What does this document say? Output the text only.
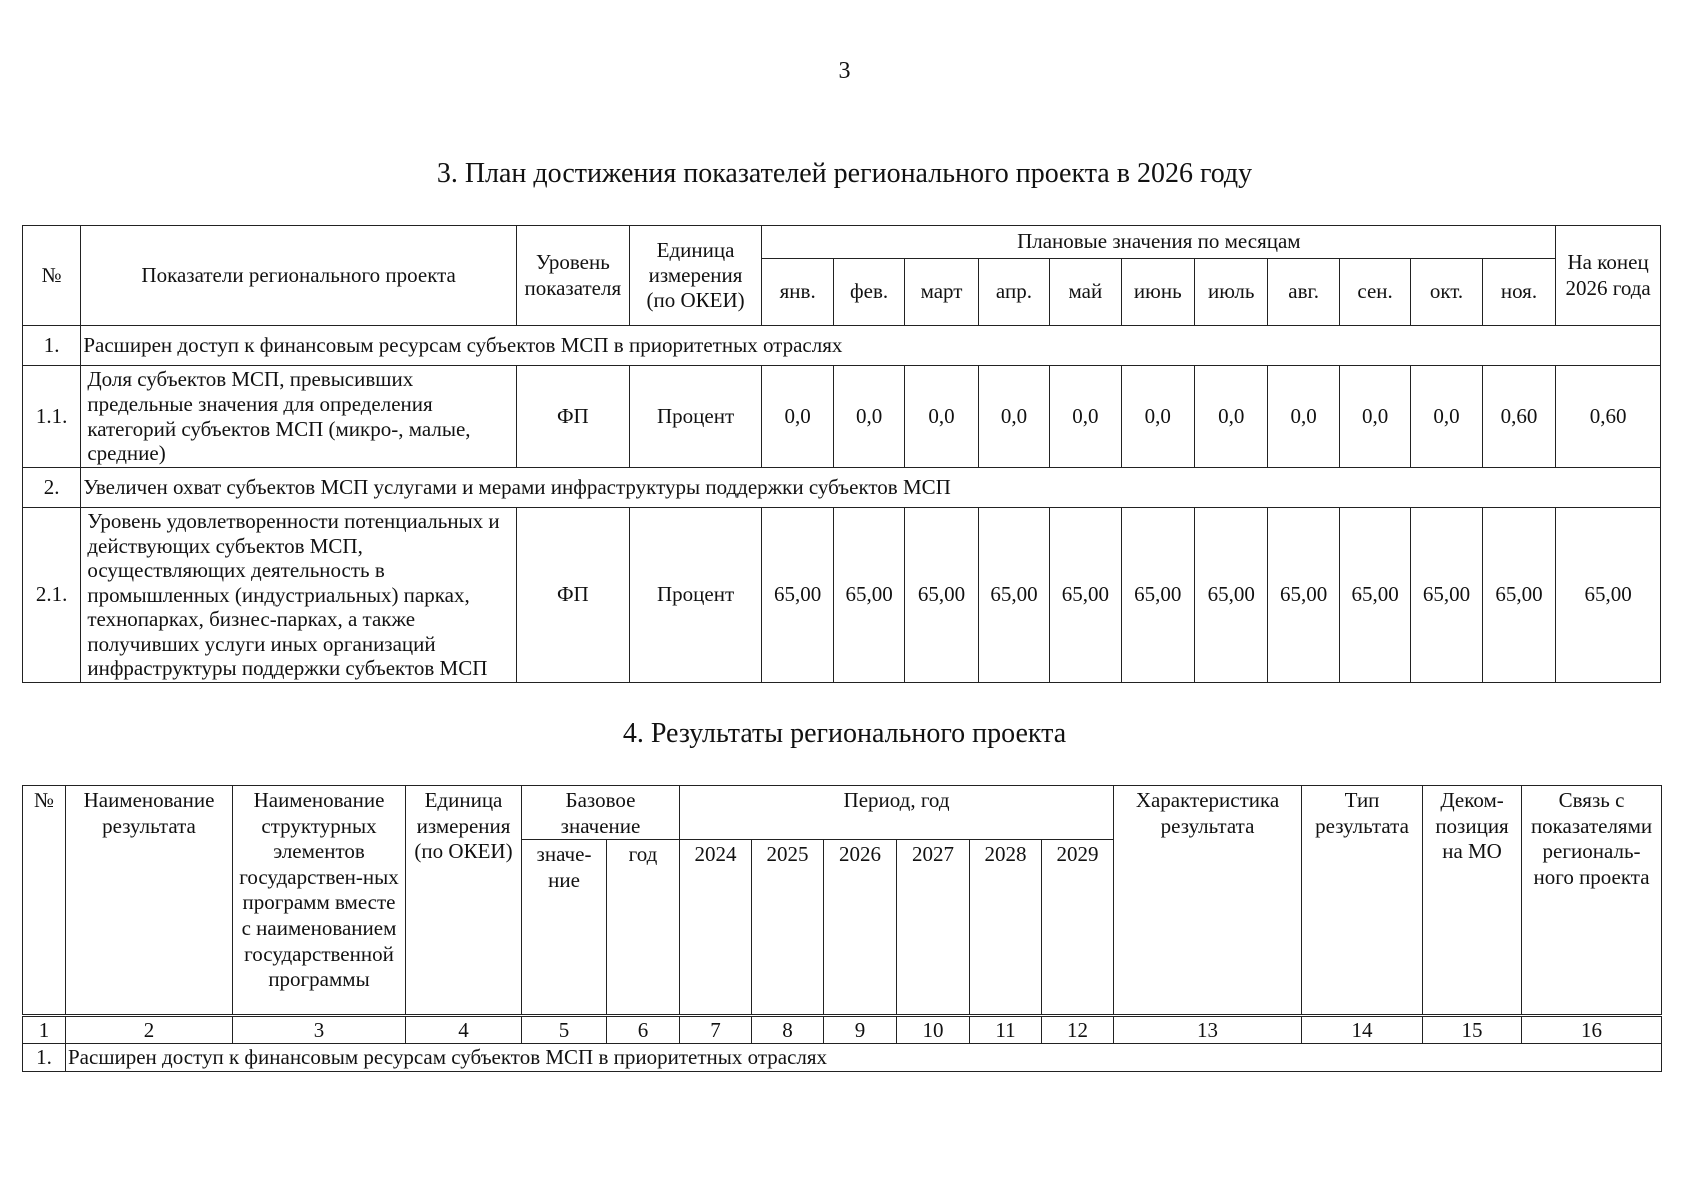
3
3. План достижения показателей регионального проекта в 2026 году
№	Показатели регионального проекта	Уровень показателя	Единица измерения (по ОКЕИ)	Плановые значения по месяцам											На конец 2026 года
				янв.	фев.	март	апр.	май	июнь	июль	авг.	сен.	окт.	ноя.	
1.	Расширен доступ к финансовым ресурсам субъектов МСП в приоритетных отраслях														
1.1.	Доля субъектов МСП, превысивших предельные значения для определения категорий субъектов МСП (микро-, малые, средние)	ФП	Процент	0,0	0,0	0,0	0,0	0,0	0,0	0,0	0,0	0,0	0,0	0,60	0,60
2.	Увеличен охват субъектов МСП услугами и мерами инфраструктуры поддержки субъектов МСП														
2.1.	Уровень удовлетворенности потенциальных и действующих субъектов МСП, осуществляющих деятельность в промышленных (индустриальных) парках, технопарках, бизнес-парках, а также получивших услуги иных организаций инфраструктуры поддержки субъектов МСП	ФП	Процент	65,00	65,00	65,00	65,00	65,00	65,00	65,00	65,00	65,00	65,00	65,00	65,00
4. Результаты регионального проекта
№	Наименование результата	Наименование структурных элементов государствен-ных программ вместе с наименованием государственной программы	Единица измерения (по ОКЕИ)	Базовое значение		Период, год						Характеристика результата	Тип результата	Деком-позиция на МО	Связь с показателями региональ-ного проекта
				значе-ние	год	2024	2025	2026	2027	2028	2029				
1	2	3	4	5	6	7	8	9	10	11	12	13	14	15	16
1.	Расширен доступ к финансовым ресурсам субъектов МСП в приоритетных отраслях														
